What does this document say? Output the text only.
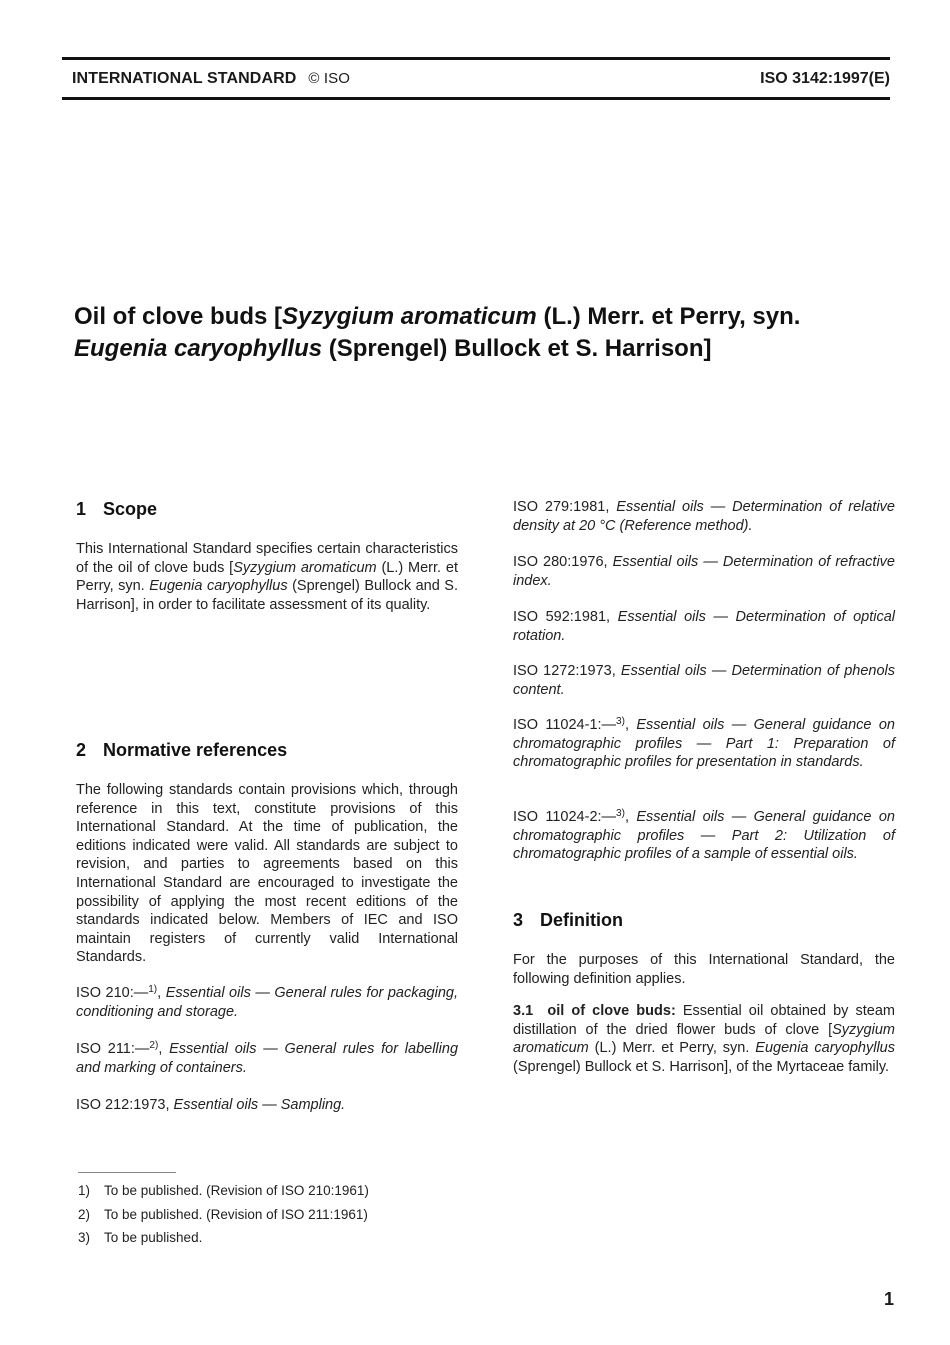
INTERNATIONAL STANDARD © ISO	ISO 3142:1997(E)
Oil of clove buds [Syzygium aromaticum (L.) Merr. et Perry, syn.
Eugenia caryophyllus (Sprengel) Bullock et S. Harrison]
1 Scope
This International Standard specifies certain characteristics of the oil of clove buds [Syzygium aromaticum (L.) Merr. et Perry, syn. Eugenia caryophyllus (Sprengel) Bullock and S. Harrison], in order to facilitate assessment of its quality.
2 Normative references
The following standards contain provisions which, through reference in this text, constitute provisions of this International Standard. At the time of publication, the editions indicated were valid. All standards are subject to revision, and parties to agreements based on this International Standard are encouraged to investigate the possibility of applying the most recent editions of the standards indicated below. Members of IEC and ISO maintain registers of currently valid International Standards.
ISO 210:—$^{1)}$, Essential oils — General rules for packaging, conditioning and storage.
ISO 211:—$^{2)}$, Essential oils — General rules for labelling and marking of containers.
ISO 212:1973, Essential oils — Sampling.
ISO 279:1981, Essential oils — Determination of relative density at 20 °C (Reference method).
ISO 280:1976, Essential oils — Determination of refractive index.
ISO 592:1981, Essential oils — Determination of optical rotation.
ISO 1272:1973, Essential oils — Determination of phenols content.
ISO 11024-1:—$^{3)}$, Essential oils — General guidance on chromatographic profiles — Part 1: Preparation of chromatographic profiles for presentation in standards.
ISO 11024-2:—$^{3)}$, Essential oils — General guidance on chromatographic profiles — Part 2: Utilization of chromatographic profiles of a sample of essential oils.
3 Definition
For the purposes of this International Standard, the following definition applies.
3.1 oil of clove buds: Essential oil obtained by steam distillation of the dried flower buds of clove [Syzygium aromaticum (L.) Merr. et Perry, syn. Eugenia caryophyllus (Sprengel) Bullock et S. Harrison], of the Myrtaceae family.
1) To be published. (Revision of ISO 210:1961)
2) To be published. (Revision of ISO 211:1961)
3) To be published.
1
